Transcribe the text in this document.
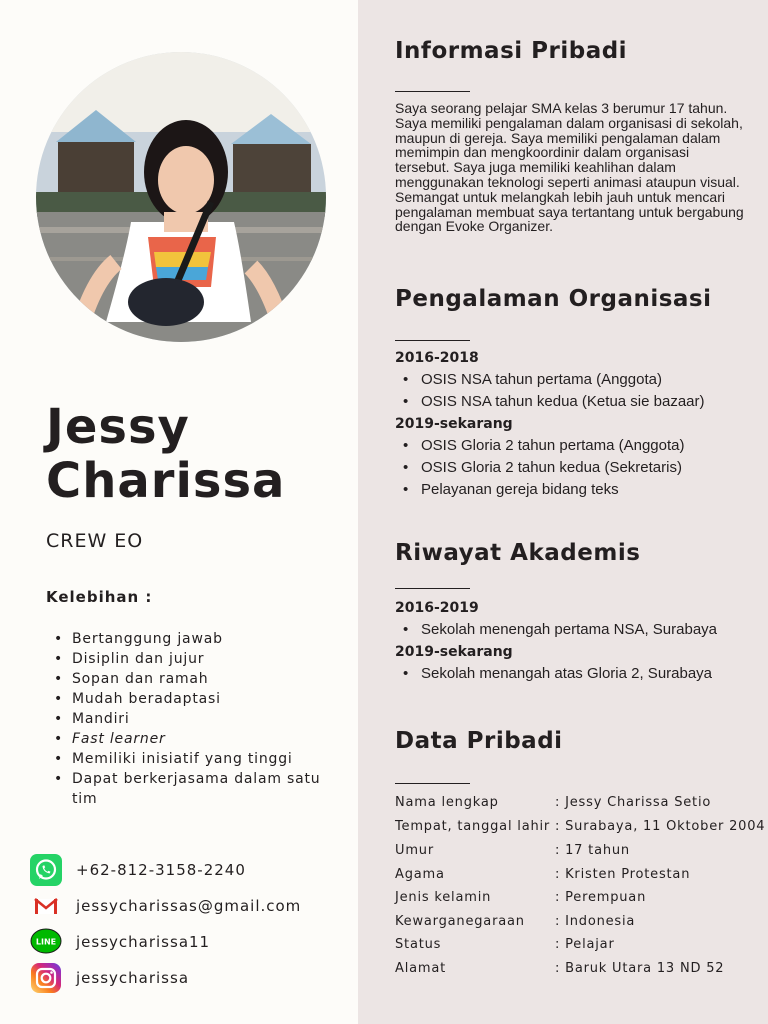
Jessy
Charissa
CREW EO
Kelebihan :
• Bertanggung jawab
• Disiplin dan jujur
• Sopan dan ramah
• Mudah beradaptasi
• Mandiri
• Fast learner
• Memiliki inisiatif yang tinggi
• Dapat berkerjasama dalam satu tim
+62-812-3158-2240
jessycharissas@gmail.com
LINE jessycharissa11
jessycharissa
Informasi Pribadi
Saya seorang pelajar SMA kelas 3 berumur 17 tahun. Saya memiliki pengalaman dalam organisasi di sekolah, maupun di gereja. Saya memiliki pengalaman dalam memimpin dan mengkoordinir dalam organisasi tersebut. Saya juga memiliki keahlihan dalam menggunakan teknologi seperti animasi ataupun visual. Semangat untuk melangkah lebih jauh untuk mencari pengalaman membuat saya tertantang untuk bergabung dengan Evoke Organizer.
Pengalaman Organisasi
2016-2018
• OSIS NSA tahun pertama (Anggota)
• OSIS NSA tahun kedua (Ketua sie bazaar)
2019-sekarang
• OSIS Gloria 2 tahun pertama (Anggota)
• OSIS Gloria 2 tahun kedua (Sekretaris)
• Pelayanan gereja bidang teks
Riwayat Akademis
2016-2019
• Sekolah menengah pertama NSA, Surabaya
2019-sekarang
• Sekolah menangah atas Gloria 2, Surabaya
Data Pribadi
Nama lengkap	: Jessy Charissa Setio
Tempat, tanggal lahir : Surabaya, 11 Oktober 2004
Umur	: 17 tahun
Agama	: Kristen Protestan
Jenis kelamin	: Perempuan
Kewarganegaraan : Indonesia
Status	: Pelajar
Alamat	: Baruk Utara 13 ND 52
